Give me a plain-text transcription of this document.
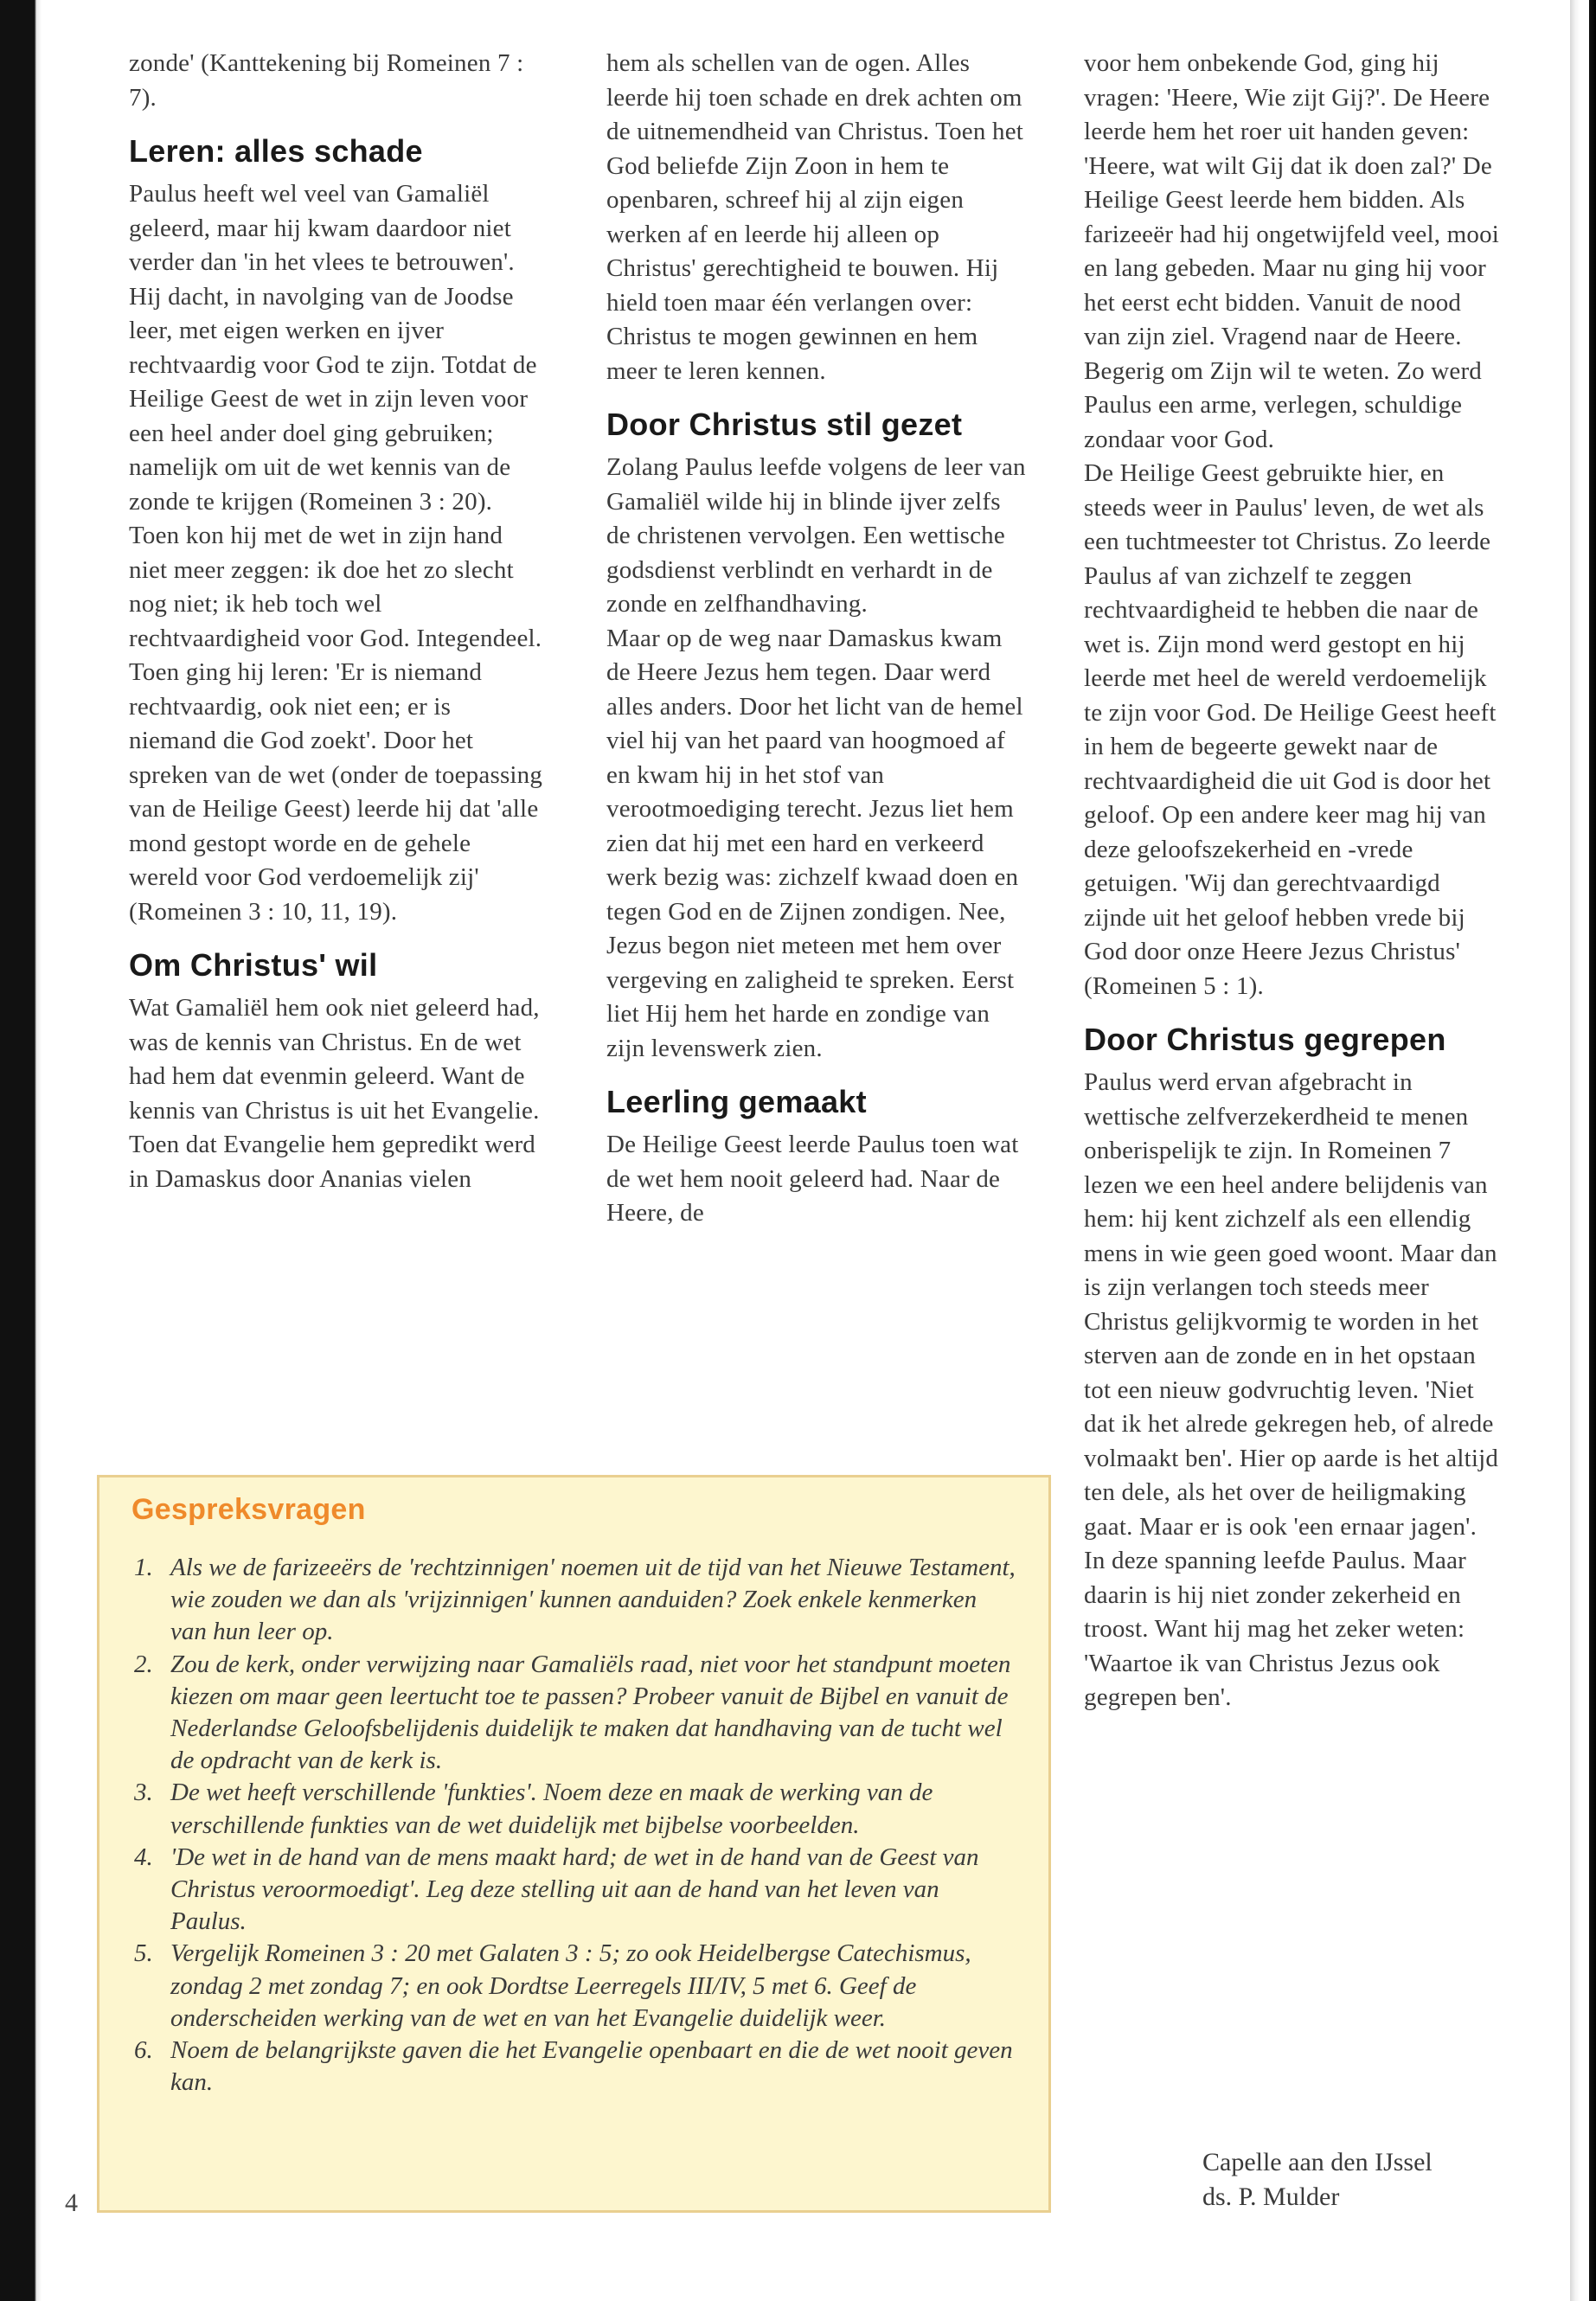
zonde' (Kanttekening bij Romeinen 7 : 7).

Leren: alles schade

Paulus heeft wel veel van Gamaliël geleerd, maar hij kwam daardoor niet verder dan 'in het vlees te betrouwen'. Hij dacht, in navolging van de Joodse leer, met eigen werken en ijver rechtvaardig voor God te zijn. Totdat de Heilige Geest de wet in zijn leven voor een heel ander doel ging gebruiken; namelijk om uit de wet kennis van de zonde te krijgen (Romeinen 3 : 20).

Toen kon hij met de wet in zijn hand niet meer zeggen: ik doe het zo slecht nog niet; ik heb toch wel rechtvaardigheid voor God. Integendeel. Toen ging hij leren: 'Er is niemand rechtvaardig, ook niet een; er is niemand die God zoekt'. Door het spreken van de wet (onder de toepassing van de Heilige Geest) leerde hij dat 'alle mond gestopt worde en de gehele wereld voor God verdoemelijk zij' (Romeinen 3 : 10, 11, 19).

Om Christus' wil

Wat Gamaliël hem ook niet geleerd had, was de kennis van Christus. En de wet had hem dat evenmin geleerd. Want de kennis van Christus is uit het Evangelie. Toen dat Evangelie hem gepredikt werd in Damaskus door Ananias vielen

hem als schellen van de ogen. Alles leerde hij toen schade en drek achten om de uitnemendheid van Christus. Toen het God beliefde Zijn Zoon in hem te openbaren, schreef hij al zijn eigen werken af en leerde hij alleen op Christus' gerechtigheid te bouwen. Hij hield toen maar één verlangen over: Christus te mogen gewinnen en hem meer te leren kennen.

Door Christus stil gezet

Zolang Paulus leefde volgens de leer van Gamaliël wilde hij in blinde ijver zelfs de christenen vervolgen. Een wettische godsdienst verblindt en verhardt in de zonde en zelfhandhaving.

Maar op de weg naar Damaskus kwam de Heere Jezus hem tegen. Daar werd alles anders. Door het licht van de hemel viel hij van het paard van hoogmoed af en kwam hij in het stof van verootmoediging terecht. Jezus liet hem zien dat hij met een hard en verkeerd werk bezig was: zichzelf kwaad doen en tegen God en de Zijnen zondigen. Nee, Jezus begon niet meteen met hem over vergeving en zaligheid te spreken. Eerst liet Hij hem het harde en zondige van zijn levenswerk zien.

Leerling gemaakt

De Heilige Geest leerde Paulus toen wat de wet hem nooit geleerd had. Naar de Heere, de

voor hem onbekende God, ging hij vragen: 'Heere, Wie zijt Gij?'. De Heere leerde hem het roer uit handen geven: 'Heere, wat wilt Gij dat ik doen zal?' De Heilige Geest leerde hem bidden. Als farizeeër had hij ongetwijfeld veel, mooi en lang gebeden. Maar nu ging hij voor het eerst echt bidden. Vanuit de nood van zijn ziel. Vragend naar de Heere. Begerig om Zijn wil te weten. Zo werd Paulus een arme, verlegen, schuldige zondaar voor God.

De Heilige Geest gebruikte hier, en steeds weer in Paulus' leven, de wet als een tuchtmeester tot Christus. Zo leerde Paulus af van zichzelf te zeggen rechtvaardigheid te hebben die naar de wet is. Zijn mond werd gestopt en hij leerde met heel de wereld verdoemelijk te zijn voor God. De Heilige Geest heeft in hem de begeerte gewekt naar de rechtvaardigheid die uit God is door het geloof. Op een andere keer mag hij van deze geloofszekerheid en -vrede getuigen. 'Wij dan gerechtvaardigd zijnde uit het geloof hebben vrede bij God door onze Heere Jezus Christus' (Romeinen 5 : 1).

Door Christus gegrepen

Paulus werd ervan afgebracht in wettische zelfverzekerdheid te menen onberispelijk te zijn. In Romeinen 7 lezen we een heel andere belijdenis van hem: hij kent zichzelf als een ellendig mens in wie geen goed woont. Maar dan is zijn verlangen toch steeds meer Christus gelijkvormig te worden in het sterven aan de zonde en in het opstaan tot een nieuw godvruchtig leven. 'Niet dat ik het alrede gekregen heb, of alrede volmaakt ben'. Hier op aarde is het altijd ten dele, als het over de heiligmaking gaat. Maar er is ook 'een ernaar jagen'.

In deze spanning leefde Paulus. Maar daarin is hij niet zonder zekerheid en troost. Want hij mag het zeker weten: 'Waartoe ik van Christus Jezus ook gegrepen ben'.

Gespreksvragen
1. Als we de farizeeërs de 'rechtzinnigen' noemen uit de tijd van het Nieuwe Testament, wie zouden we dan als 'vrijzinnigen' kunnen aanduiden? Zoek enkele kenmerken van hun leer op.
2. Zou de kerk, onder verwijzing naar Gamaliëls raad, niet voor het standpunt moeten kiezen om maar geen leertucht toe te passen? Probeer vanuit de Bijbel en vanuit de Nederlandse Geloofsbelijdenis duidelijk te maken dat handhaving van de tucht wel de opdracht van de kerk is.
3. De wet heeft verschillende 'funkties'. Noem deze en maak de werking van de verschillende funkties van de wet duidelijk met bijbelse voorbeelden.
4. 'De wet in de hand van de mens maakt hard; de wet in de hand van de Geest van Christus veroormoedigt'. Leg deze stelling uit aan de hand van het leven van Paulus.
5. Vergelijk Romeinen 3 : 20 met Galaten 3 : 5; zo ook Heidelbergse Catechismus, zondag 2 met zondag 7; en ook Dordtse Leerregels III/IV, 5 met 6. Geef de onderscheiden werking van de wet en van het Evangelie duidelijk weer.
6. Noem de belangrijkste gaven die het Evangelie openbaart en die de wet nooit geven kan.
Capelle aan den IJssel
ds. P. Mulder
4
